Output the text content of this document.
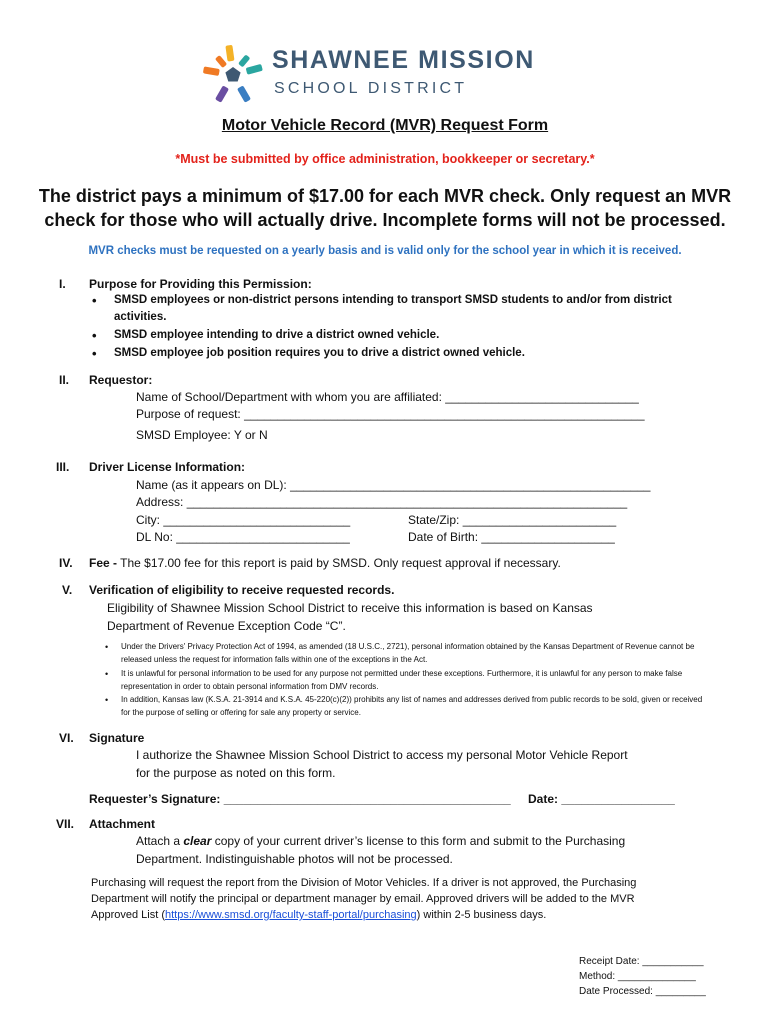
SHAWNEE MISSION
SCHOOL DISTRICT
Motor Vehicle Record (MVR) Request Form
*Must be submitted by office administration, bookkeeper or secretary.*
The district pays a minimum of $17.00 for each MVR check. Only request an MVR check for those who will actually drive. Incomplete forms will not be processed.
MVR checks must be requested on a yearly basis and is valid only for the school year in which it is received.
I. Purpose for Providing this Permission:
• SMSD employees or non-district persons intending to transport SMSD students to and/or from district activities.
• SMSD employee intending to drive a district owned vehicle.
• SMSD employee job position requires you to drive a district owned vehicle.
II. Requestor:
Name of School/Department with whom you are affiliated: _____________________________
Purpose of request: ____________________________________________________________
SMSD Employee: Y or N
III. Driver License Information:
Name (as it appears on DL): ______________________________________________________
Address: __________________________________________________________________
City: ____________________________	State/Zip: _______________________
DL No: __________________________	Date of Birth: ____________________
IV. Fee - The $17.00 fee for this report is paid by SMSD. Only request approval if necessary.
V. Verification of eligibility to receive requested records.
Eligibility of Shawnee Mission School District to receive this information is based on Kansas
Department of Revenue Exception Code “C”.
• Under the Drivers' Privacy Protection Act of 1994, as amended (18 U.S.C., 2721), personal information obtained by the Kansas Department of Revenue cannot be released unless the request for information falls within one of the exceptions in the Act.
• It is unlawful for personal information to be used for any purpose not permitted under these exceptions. Furthermore, it is unlawful for any person to make false representation in order to obtain personal information from DMV records.
• In addition, Kansas law (K.S.A. 21-3914 and K.S.A. 45-220(c)(2)) prohibits any list of names and addresses derived from public records to be sold, given or received for the purpose of selling or offering for sale any property or service.
VI. Signature
I authorize the Shawnee Mission School District to access my personal Motor Vehicle Report
for the purpose as noted on this form.
Requester’s Signature: ___________________________________________ Date: _________________
VII. Attachment
Attach a clear copy of your current driver’s license to this form and submit to the Purchasing
Department. Indistinguishable photos will not be processed.
Purchasing will request the report from the Division of Motor Vehicles. If a driver is not approved, the Purchasing
Department will notify the principal or department manager by email. Approved drivers will be added to the MVR
Approved List (https://www.smsd.org/faculty-staff-portal/purchasing) within 2-5 business days.
Receipt Date: ___________
Method: ______________
Date Processed: _________
